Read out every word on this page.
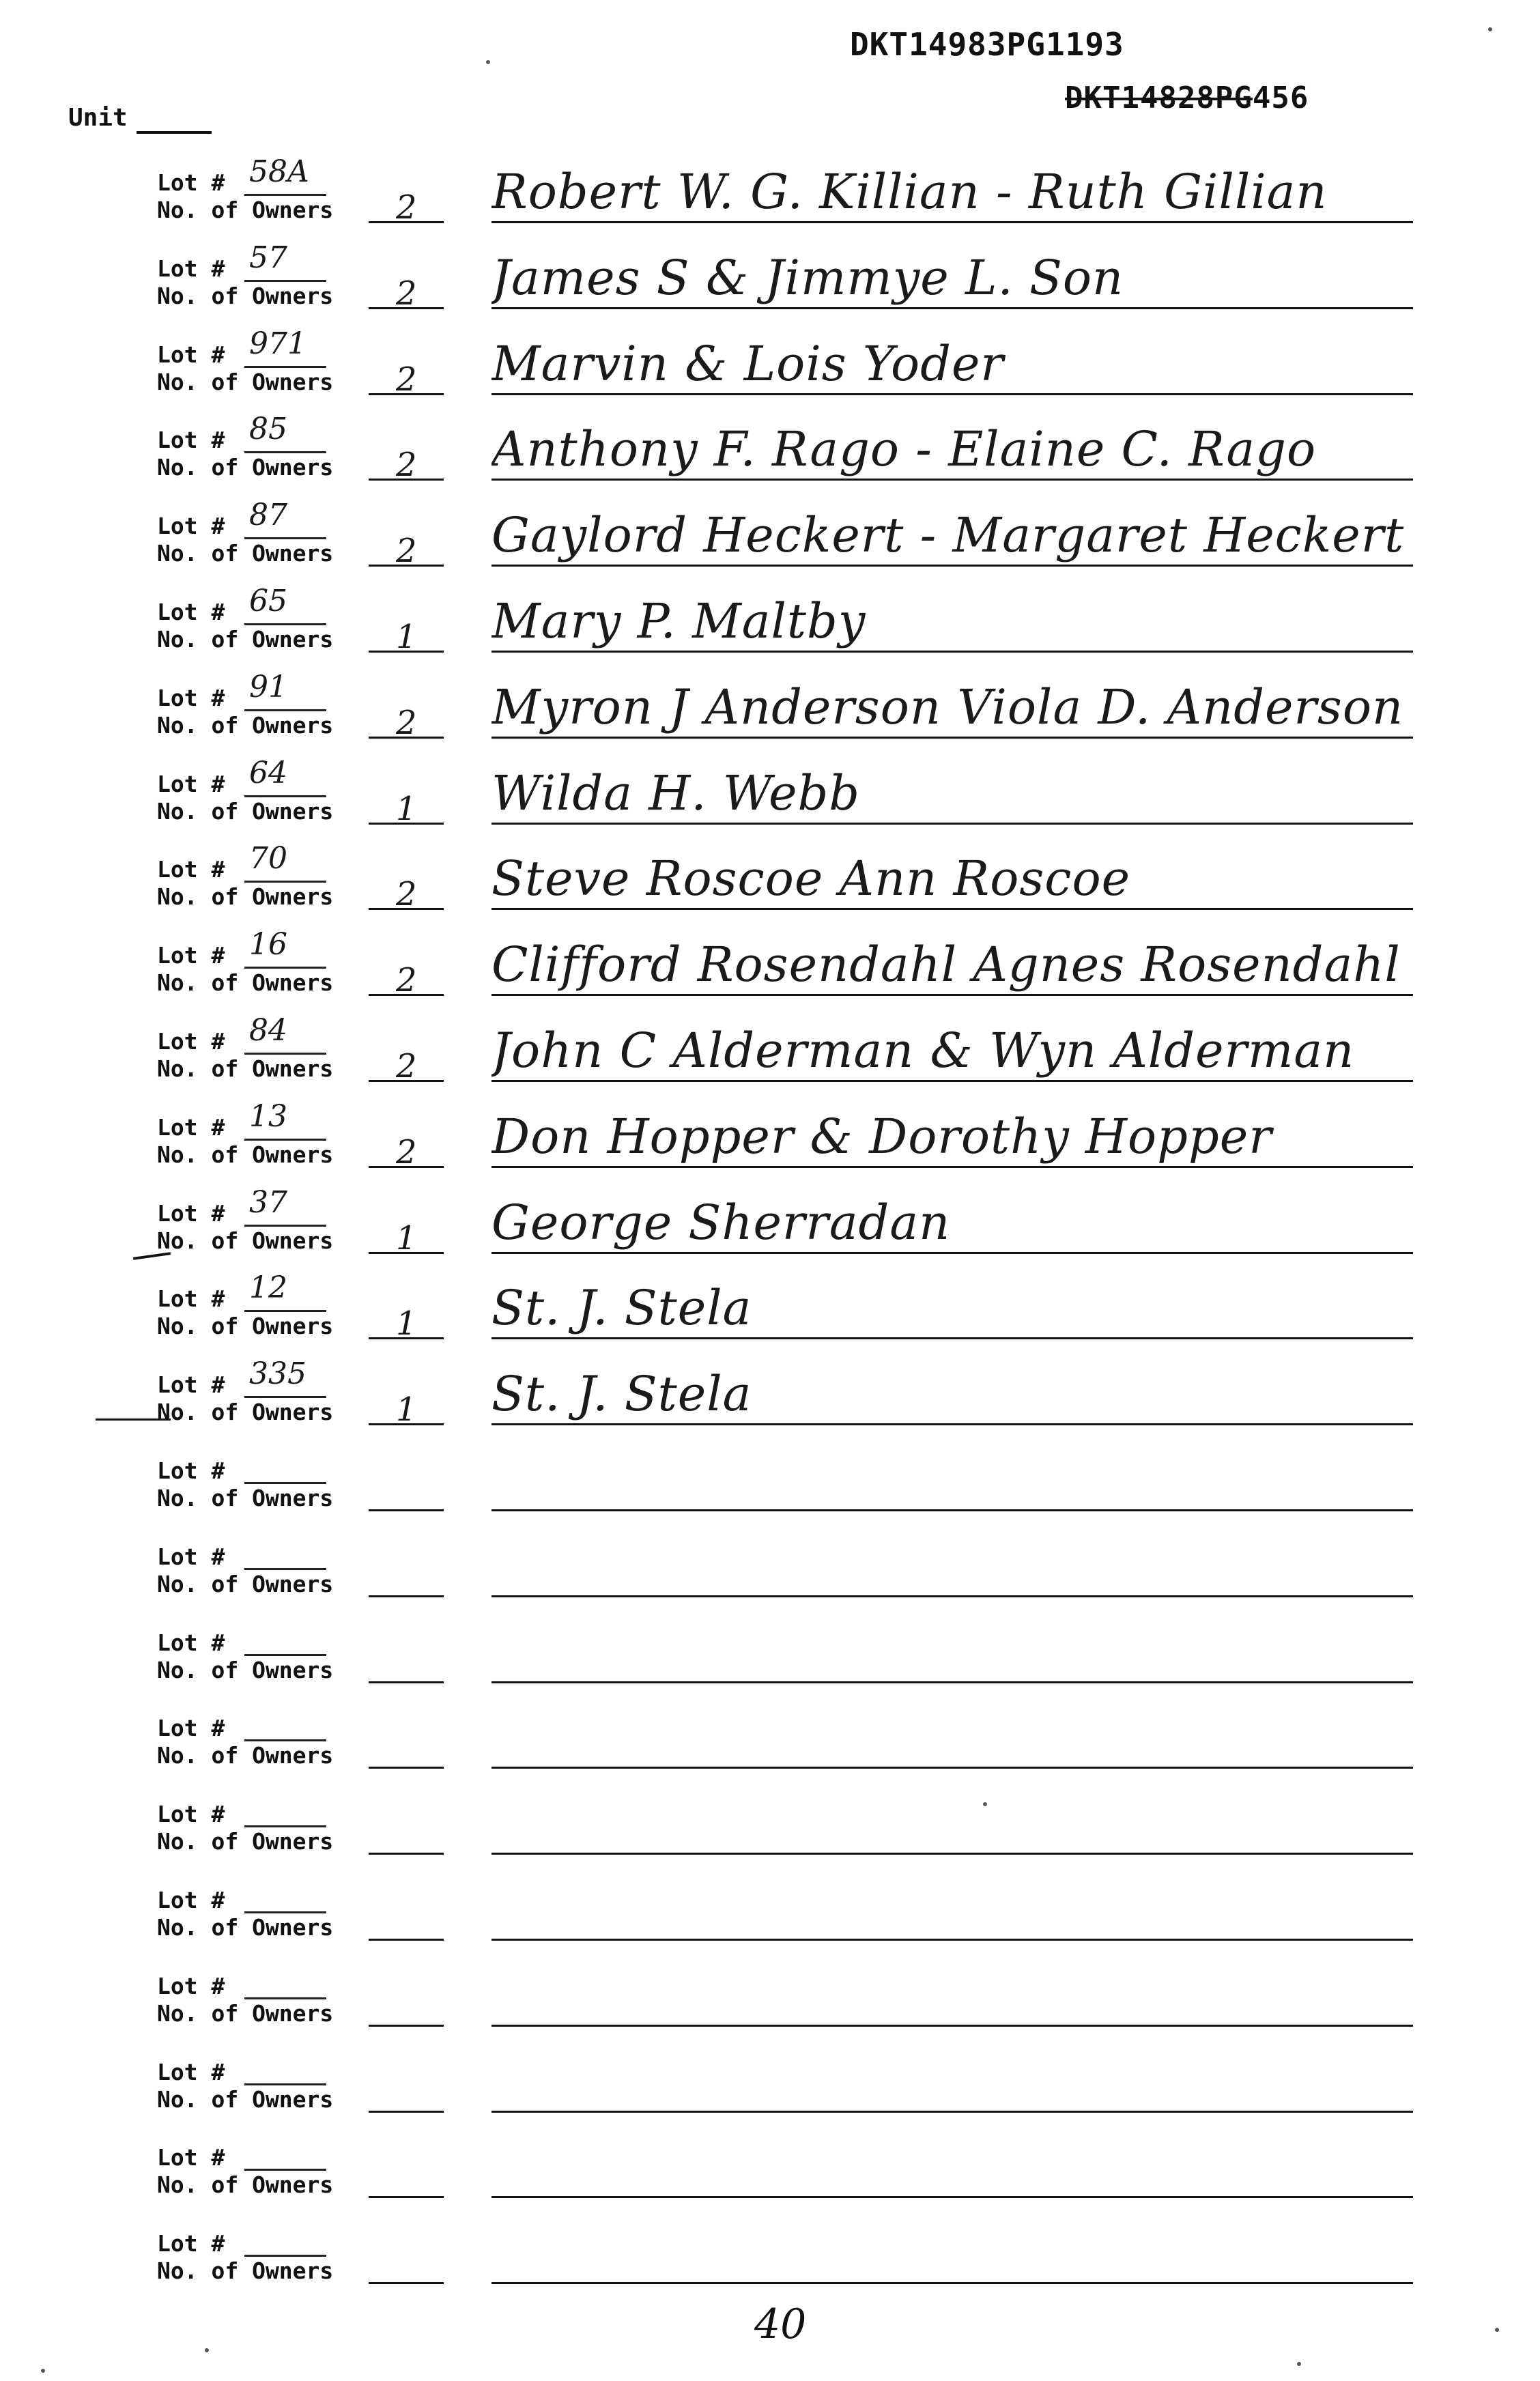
DKT14983PG1193
DKT14828PG456
Unit
Lot # 58A
No. of Owners 2 Robert W. G. Killian - Ruth Gillian
Lot # 57
No. of Owners 2 James S & Jimmye L. Son
Lot # 971
No. of Owners 2 Marvin & Lois Yoder
Lot # 85
No. of Owners 2 Anthony F. Rago - Elaine C. Rago
Lot # 87
No. of Owners 2 Gaylord Heckert - Margaret Heckert
Lot # 65
No. of Owners 1 Mary P. Maltby
Lot # 91
No. of Owners 2 Myron J Anderson Viola D. Anderson
Lot # 64
No. of Owners 1 Wilda H. Webb
Lot # 70
No. of Owners 2 Steve Roscoe Ann Roscoe
Lot # 16
No. of Owners 2 Clifford Rosendahl Agnes Rosendahl
Lot # 84
No. of Owners 2 John C Alderman & Wyn Alderman
Lot # 13
No. of Owners 2 Don Hopper & Dorothy Hopper
Lot # 37
No. of Owners 1 George Sherradan
Lot # 12
No. of Owners 1 St. J. Stela
Lot # 335
No. of Owners 1 St. J. Stela
Lot #
No. of Owners
Lot #
No. of Owners
Lot #
No. of Owners
Lot #
No. of Owners
Lot #
No. of Owners
Lot #
No. of Owners
Lot #
No. of Owners
Lot #
No. of Owners
Lot #
No. of Owners
Lot #
No. of Owners
40
